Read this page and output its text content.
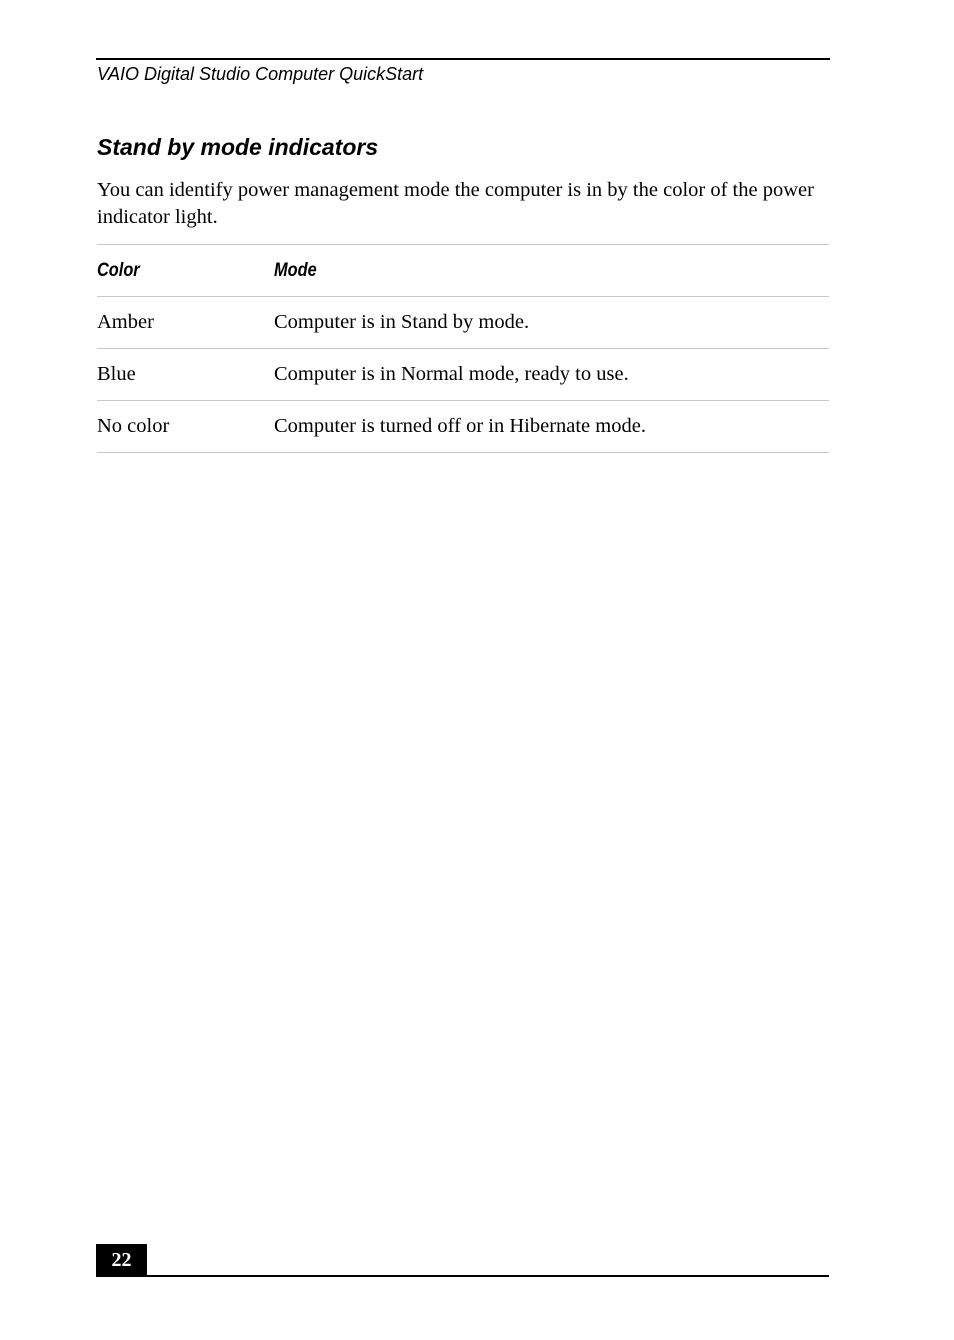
VAIO Digital Studio Computer QuickStart
Stand by mode indicators

You can identify power management mode the computer is in by the color of the power indicator light.

Color	Mode
Amber	Computer is in Stand by mode.
Blue	Computer is in Normal mode, ready to use.
No color	Computer is turned off or in Hibernate mode.
22
